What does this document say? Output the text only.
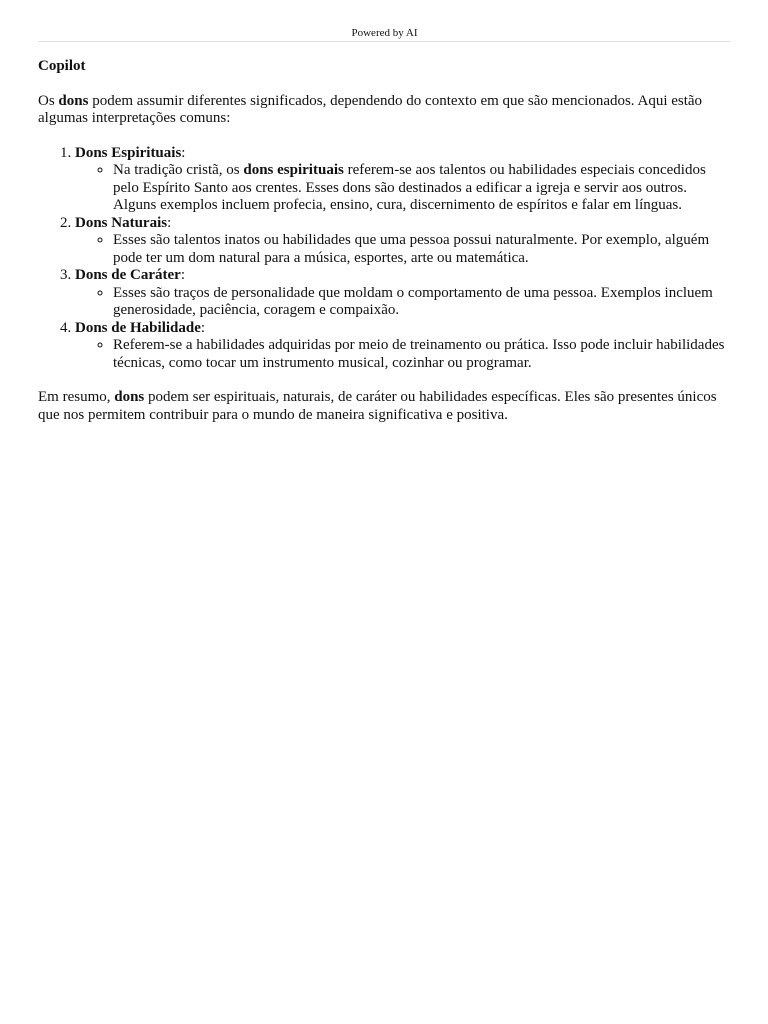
Powered by AI
Copilot

Os dons podem assumir diferentes significados, dependendo do contexto em que são mencionados. Aqui estão algumas interpretações comuns:

1. Dons Espirituais:
◦ Na tradição cristã, os dons espirituais referem-se aos talentos ou habilidades especiais concedidos pelo Espírito Santo aos crentes. Esses dons são destinados a edificar a igreja e servir aos outros. Alguns exemplos incluem profecia, ensino, cura, discernimento de espíritos e falar em línguas.
2. Dons Naturais:
◦ Esses são talentos inatos ou habilidades que uma pessoa possui naturalmente. Por exemplo, alguém pode ter um dom natural para a música, esportes, arte ou matemática.
3. Dons de Caráter:
◦ Esses são traços de personalidade que moldam o comportamento de uma pessoa. Exemplos incluem generosidade, paciência, coragem e compaixão.
4. Dons de Habilidade:
◦ Referem-se a habilidades adquiridas por meio de treinamento ou prática. Isso pode incluir habilidades técnicas, como tocar um instrumento musical, cozinhar ou programar.

Em resumo, dons podem ser espirituais, naturais, de caráter ou habilidades específicas. Eles são presentes únicos que nos permitem contribuir para o mundo de maneira significativa e positiva.
